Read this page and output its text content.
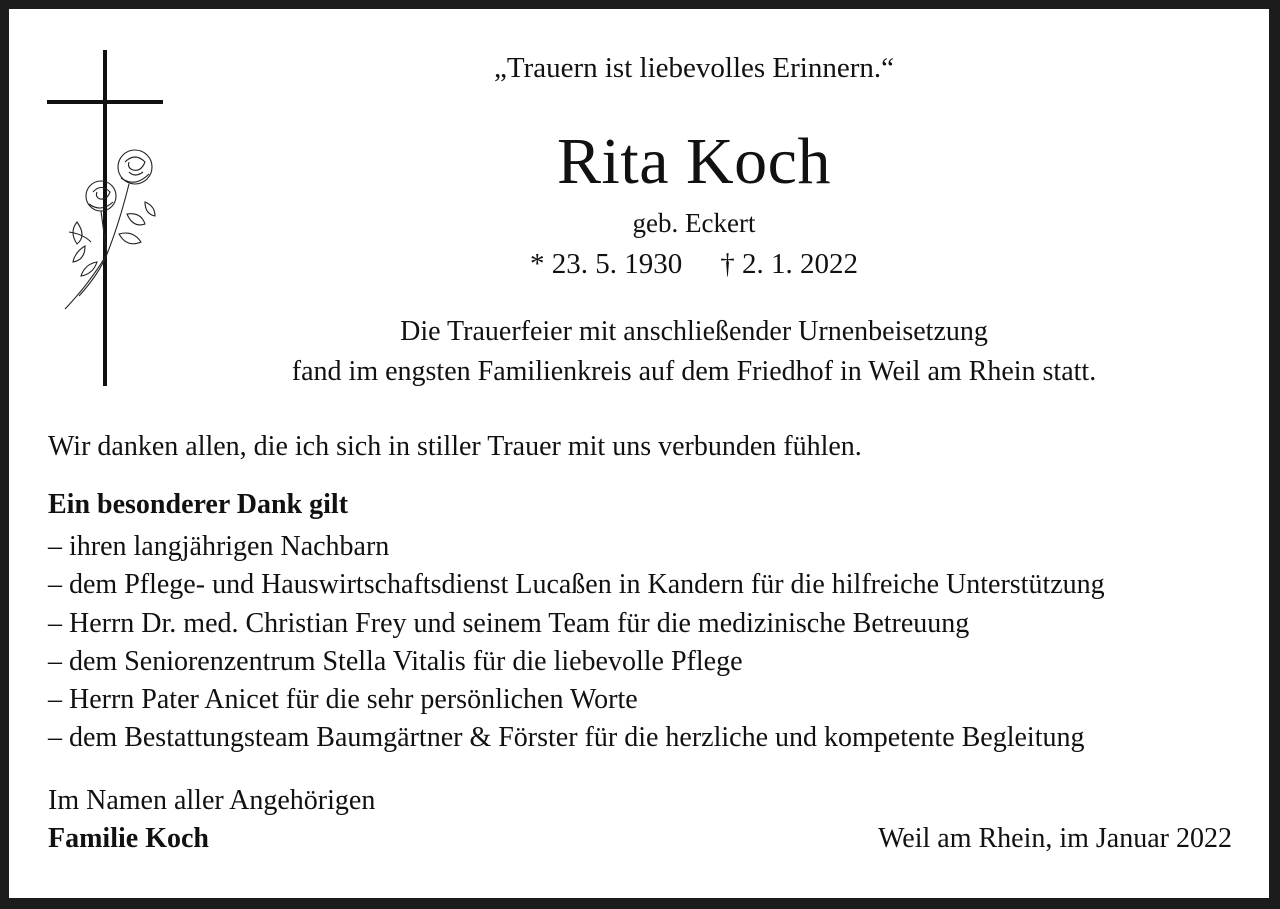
„Trauern ist liebevolles Erinnern.“
Rita Koch
geb. Eckert
* 23. 5. 1930 † 2. 1. 2022
Die Trauerfeier mit anschließender Urnenbeisetzung
fand im engsten Familienkreis auf dem Friedhof in Weil am Rhein statt.
Wir danken allen, die ich sich in stiller Trauer mit uns verbunden fühlen.
Ein besonderer Dank gilt
– ihren langjährigen Nachbarn
– dem Pflege- und Hauswirtschaftsdienst Lucaßen in Kandern für die hilfreiche Unterstützung
– Herrn Dr. med. Christian Frey und seinem Team für die medizinische Betreuung
– dem Seniorenzentrum Stella Vitalis für die liebevolle Pflege
– Herrn Pater Anicet für die sehr persönlichen Worte
– dem Bestattungsteam Baumgärtner & Förster für die herzliche und kompetente Begleitung
Im Namen aller Angehörigen
Familie Koch	Weil am Rhein, im Januar 2022
